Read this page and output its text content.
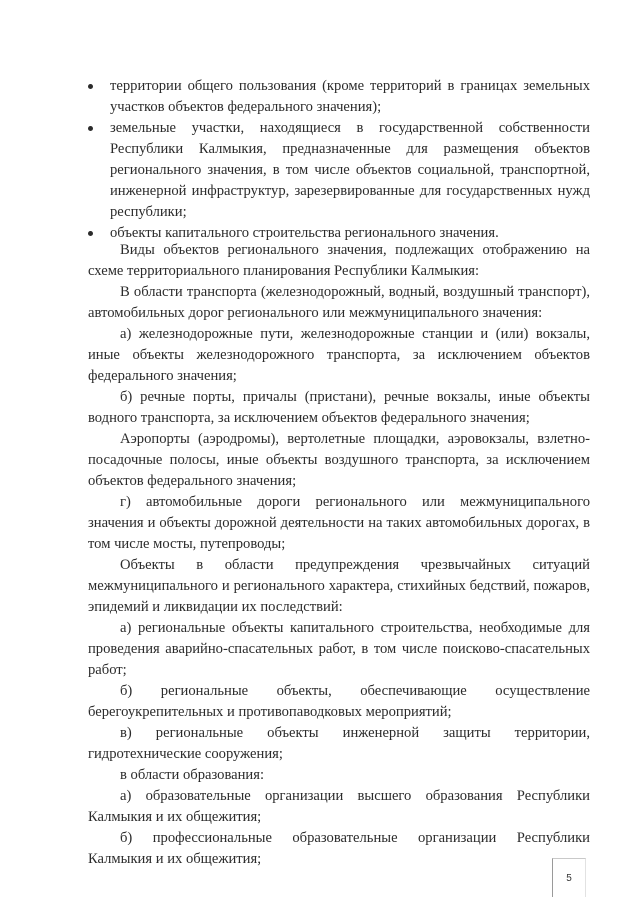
территории общего пользования (кроме территорий в границах земельных участков объектов федерального значения);
земельные участки, находящиеся в государственной собственности Республики Калмыкия, предназначенные для размещения объектов регионального значения, в том числе объектов социальной, транспортной, инженерной инфраструктур, зарезервированные для государственных нужд республики;
объекты капитального строительства регионального значения.
Виды объектов регионального значения, подлежащих отображению на схеме территориального планирования Республики Калмыкия:
В области транспорта (железнодорожный, водный, воздушный транспорт), автомобильных дорог регионального или межмуниципального значения:
а) железнодорожные пути, железнодорожные станции и (или) вокзалы, иные объекты железнодорожного транспорта, за исключением объектов федерального значения;
б) речные порты, причалы (пристани), речные вокзалы, иные объекты водного транспорта, за исключением объектов федерального значения;
Аэропорты (аэродромы), вертолетные площадки, аэровокзалы, взлетно-посадочные полосы, иные объекты воздушного транспорта, за исключением объектов федерального значения;
г) автомобильные дороги регионального или межмуниципального значения и объекты дорожной деятельности на таких автомобильных дорогах, в том числе мосты, путепроводы;
Объекты в области предупреждения чрезвычайных ситуаций межмуниципального и регионального характера, стихийных бедствий, пожаров, эпидемий и ликвидации их последствий:
а) региональные объекты капитального строительства, необходимые для проведения аварийно-спасательных работ, в том числе поисково-спасательных работ;
б) региональные объекты, обеспечивающие осуществление берегоукрепительных и противопаводковых мероприятий;
в) региональные объекты инженерной защиты территории, гидротехнические сооружения;
в области образования:
а) образовательные организации высшего образования Республики Калмыкия и их общежития;
б) профессиональные образовательные организации Республики Калмыкия и их общежития;
5
